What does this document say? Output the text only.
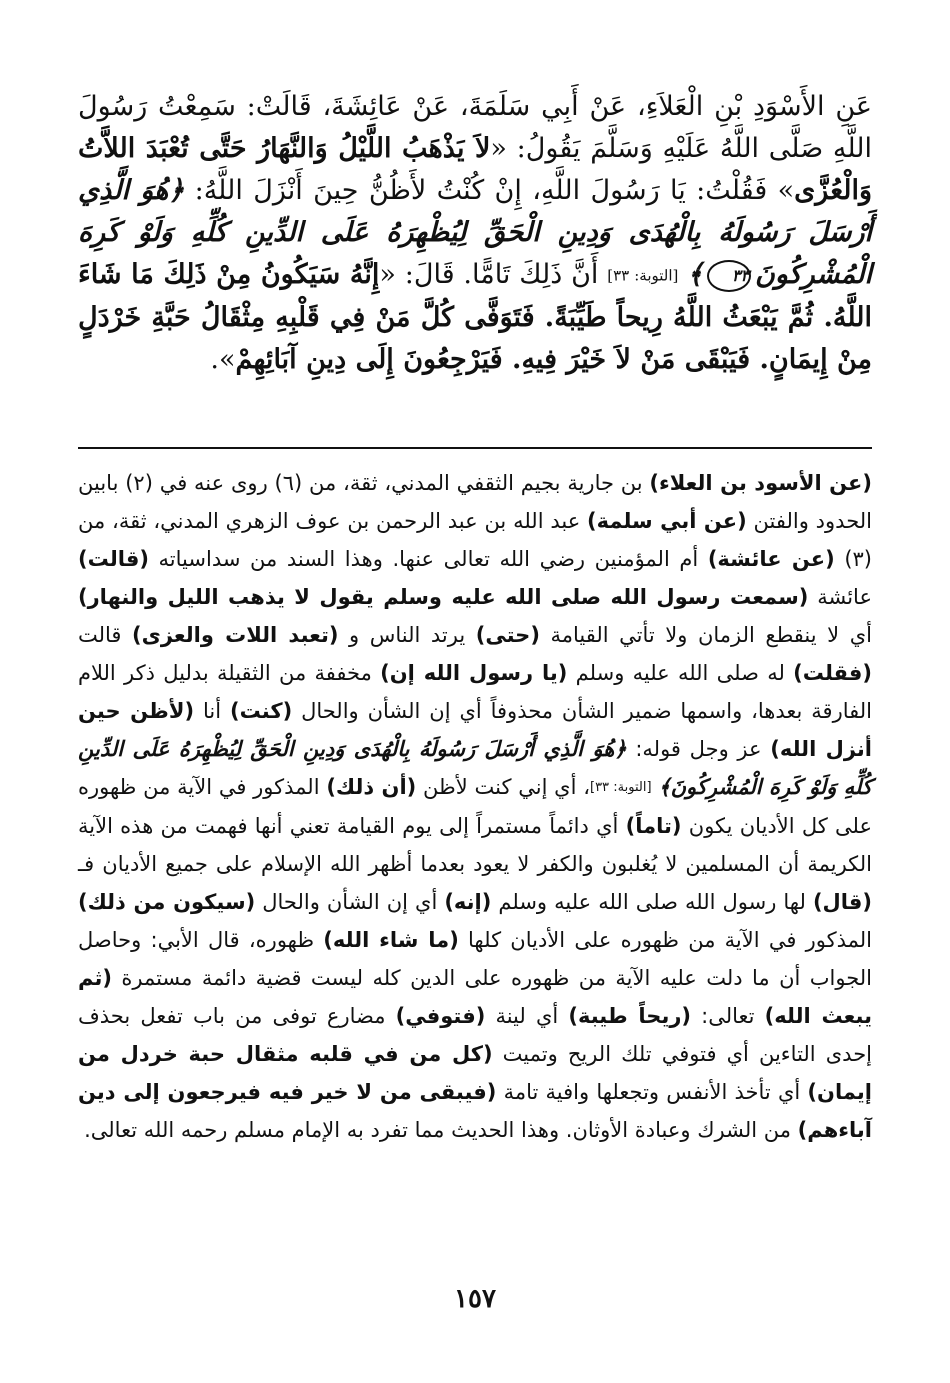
عَنِ الأَسْوَدِ بْنِ الْعَلاَءِ، عَنْ أَبِي سَلَمَةَ، عَنْ عَائِشَةَ، قَالَتْ: سَمِعْتُ رَسُولَ اللَّهِ صَلَّى اللَّهُ عَلَيْهِ وَسَلَّمَ يَقُولُ: «لاَ يَذْهَبُ اللَّيْلُ وَالنَّهَارُ حَتَّى تُعْبَدَ اللاَّتُ وَالْعُزَّى» فَقُلْتُ: يَا رَسُولَ اللَّهِ، إِنْ كُنْتُ لأَظُنُّ حِينَ أَنْزَلَ اللَّهُ: ﴿هُوَ الَّذِي أَرْسَلَ رَسُولَهُ بِالْهُدَى وَدِينِ الْحَقِّ لِيُظْهِرَهُ عَلَى الدِّينِ كُلِّهِ وَلَوْ كَرِهَ الْمُشْرِكُونَ٣٣﴾ [التوبة: ٣٣] أَنَّ ذَلِكَ تَامًّا. قَالَ: «إِنَّهُ سَيَكُونُ مِنْ ذَلِكَ مَا شَاءَ اللَّهُ. ثُمَّ يَبْعَثُ اللَّهُ رِيحاً طَيِّبَةً. فَتَوَفَّى كُلَّ مَنْ فِي قَلْبِهِ مِثْقَالُ حَبَّةِ خَرْدَلٍ مِنْ إِيمَانٍ. فَيَبْقَى مَنْ لاَ خَيْرَ فِيهِ. فَيَرْجِعُونَ إِلَى دِينِ آبَائِهِمْ».
(عن الأسود بن العلاء) بن جارية بجيم الثقفي المدني، ثقة، من (٦) روى عنه في (٢) بابين الحدود والفتن (عن أبي سلمة) عبد الله بن عبد الرحمن بن عوف الزهري المدني، ثقة، من (٣) (عن عائشة) أم المؤمنين رضي الله تعالى عنها. وهذا السند من سداسياته (قالت) عائشة (سمعت رسول الله صلى الله عليه وسلم يقول لا يذهب الليل والنهار) أي لا ينقطع الزمان ولا تأتي القيامة (حتى) يرتد الناس و (تعبد اللات والعزى) قالت (فقلت) له صلى الله عليه وسلم (يا رسول الله إن) مخففة من الثقيلة بدليل ذكر اللام الفارقة بعدها، واسمها ضمير الشأن محذوفاً أي إن الشأن والحال (كنت) أنا (لأظن حين أنزل الله) عز وجل قوله: ﴿هُوَ الَّذِي أَرْسَلَ رَسُولَهُ بِالْهُدَى وَدِينِ الْحَقِّ لِيُظْهِرَهُ عَلَى الدِّينِ كُلِّهِ وَلَوْ كَرِهَ الْمُشْرِكُونَ﴾ [التوبة: ٣٣]، أي إني كنت لأظن (أن ذلك) المذكور في الآية من ظهوره على كل الأديان يكون (تاماً) أي دائماً مستمراً إلى يوم القيامة تعني أنها فهمت من هذه الآية الكريمة أن المسلمين لا يُغلبون والكفر لا يعود بعدما أظهر الله الإسلام على جميع الأديان فـ (قال) لها رسول الله صلى الله عليه وسلم (إنه) أي إن الشأن والحال (سيكون من ذلك) المذكور في الآية من ظهوره على الأديان كلها (ما شاء الله) ظهوره، قال الأبي: وحاصل الجواب أن ما دلت عليه الآية من ظهوره على الدين كله ليست قضية دائمة مستمرة (ثم يبعث الله) تعالى: (ريحاً طيبة) أي لينة (فتوفي) مضارع توفى من باب تفعل بحذف إحدى التاءين أي فتوفي تلك الريح وتميت (كل من في قلبه مثقال حبة خردل من إيمان) أي تأخذ الأنفس وتجعلها وافية تامة (فيبقى من لا خير فيه فيرجعون إلى دين آباءهم) من الشرك وعبادة الأوثان. وهذا الحديث مما تفرد به الإمام مسلم رحمه الله تعالى.
١٥٧
